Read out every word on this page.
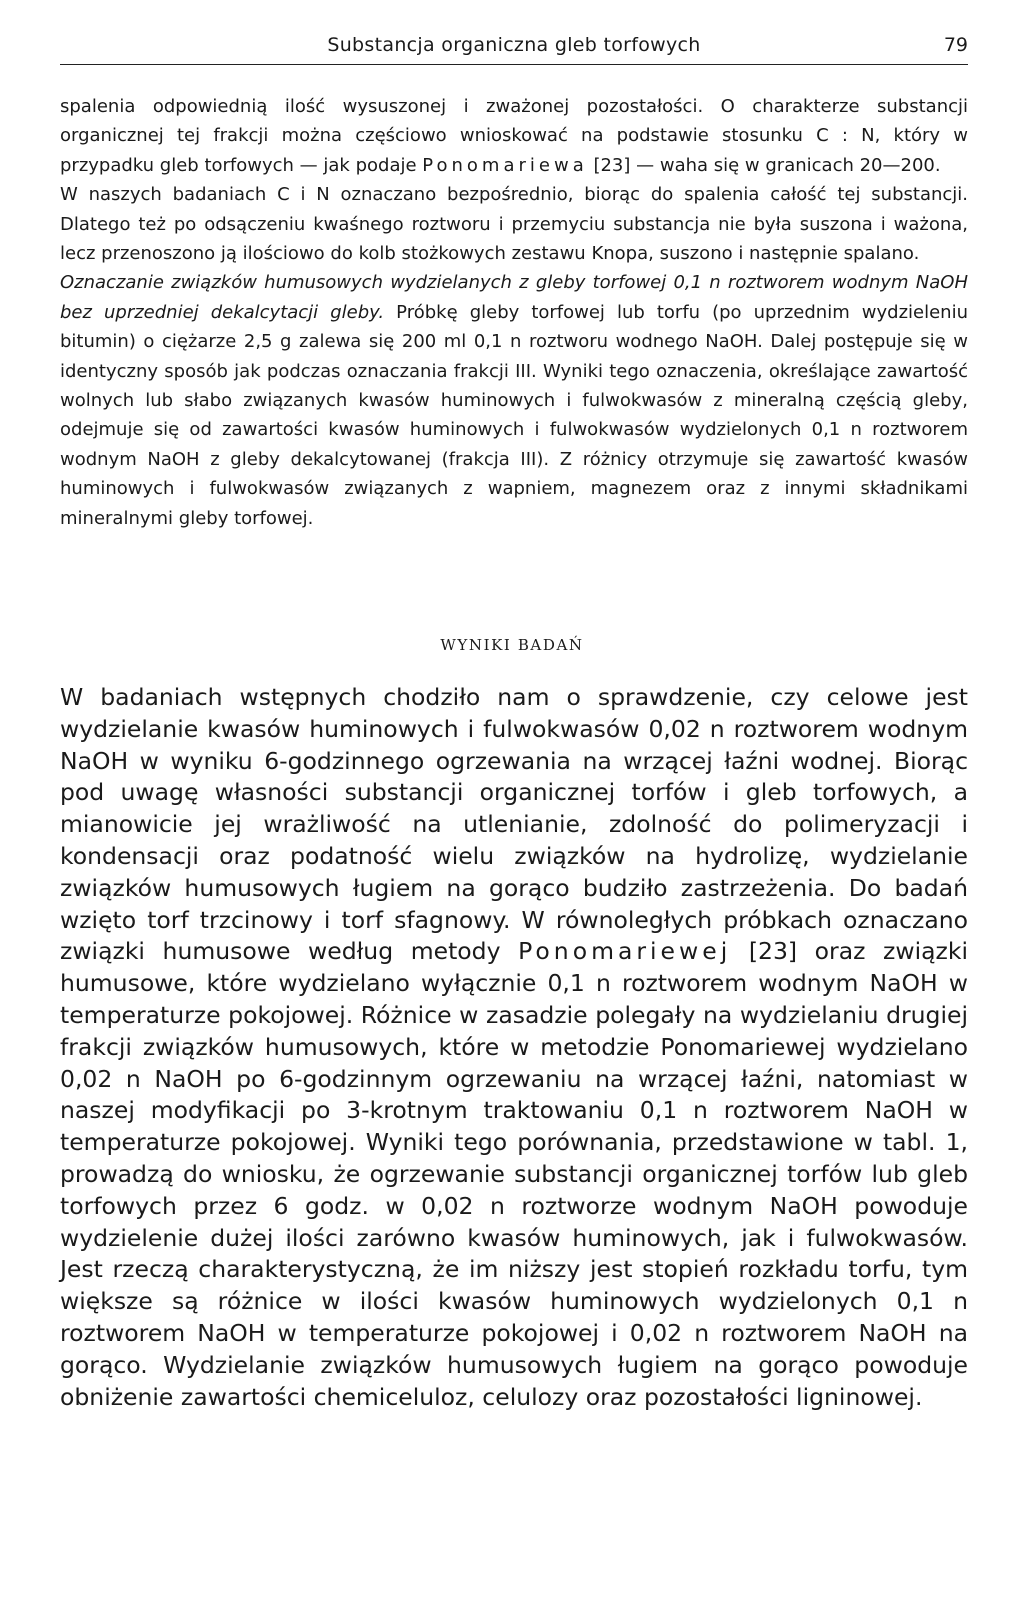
Substancja organiczna gleb torfowych	79

spalenia odpowiednią ilość wysuszonej i zważonej pozostałości. O charakterze substancji organicznej tej frakcji można częściowo wnioskować na podstawie stosunku C : N, który w przypadku gleb torfowych — jak podaje Ponomariewa [23] — waha się w granicach 20—200.

W naszych badaniach C i N oznaczano bezpośrednio, biorąc do spalenia całość tej substancji. Dlatego też po odsączeniu kwaśnego roztworu i przemyciu substancja nie była suszona i ważona, lecz przenoszono ją ilościowo do kolb stożkowych zestawu Knopa, suszono i następnie spalano.

Oznaczanie związków humusowych wydzielanych z gleby torfowej 0,1 n roztworem wodnym NaOH bez uprzedniej dekalcytacji gleby. Próbkę gleby torfowej lub torfu (po uprzednim wydzieleniu bitumin) o ciężarze 2,5 g zalewa się 200 ml 0,1 n roztworu wodnego NaOH. Dalej postępuje się w identyczny sposób jak podczas oznaczania frakcji III. Wyniki tego oznaczenia, określające zawartość wolnych lub słabo związanych kwasów huminowych i fulwokwasów z mineralną częścią gleby, odejmuje się od zawartości kwasów huminowych i fulwokwasów wydzielonych 0,1 n roztworem wodnym NaOH z gleby dekalcytowanej (frakcja III). Z różnicy otrzymuje się zawartość kwasów huminowych i fulwokwasów związanych z wapniem, magnezem oraz z innymi składnikami mineralnymi gleby torfowej.

WYNIKI BADAŃ

W badaniach wstępnych chodziło nam o sprawdzenie, czy celowe jest wydzielanie kwasów huminowych i fulwokwasów 0,02 n roztworem wodnym NaOH w wyniku 6-godzinnego ogrzewania na wrzącej łaźni wodnej. Biorąc pod uwagę własności substancji organicznej torfów i gleb torfowych, a mianowicie jej wrażliwość na utlenianie, zdolność do polimeryzacji i kondensacji oraz podatność wielu związków na hydrolizę, wydzielanie związków humusowych ługiem na gorąco budziło zastrzeżenia. Do badań wzięto torf trzcinowy i torf sfagnowy. W równoległych próbkach oznaczano związki humusowe według metody Ponomariewej [23] oraz związki humusowe, które wydzielano wyłącznie 0,1 n roztworem wodnym NaOH w temperaturze pokojowej. Różnice w zasadzie polegały na wydzielaniu drugiej frakcji związków humusowych, które w metodzie Ponomariewej wydzielano 0,02 n NaOH po 6-godzinnym ogrzewaniu na wrzącej łaźni, natomiast w naszej modyfikacji po 3-krotnym traktowaniu 0,1 n roztworem NaOH w temperaturze pokojowej. Wyniki tego porównania, przedstawione w tabl. 1, prowadzą do wniosku, że ogrzewanie substancji organicznej torfów lub gleb torfowych przez 6 godz. w 0,02 n roztworze wodnym NaOH powoduje wydzielenie dużej ilości zarówno kwasów huminowych, jak i fulwokwasów. Jest rzeczą charakterystyczną, że im niższy jest stopień rozkładu torfu, tym większe są różnice w ilości kwasów huminowych wydzielonych 0,1 n roztworem NaOH w temperaturze pokojowej i 0,02 n roztworem NaOH na gorąco. Wydzielanie związków humusowych ługiem na gorąco powoduje obniżenie zawartości chemiceluloz, celulozy oraz pozostałości ligninowej.
